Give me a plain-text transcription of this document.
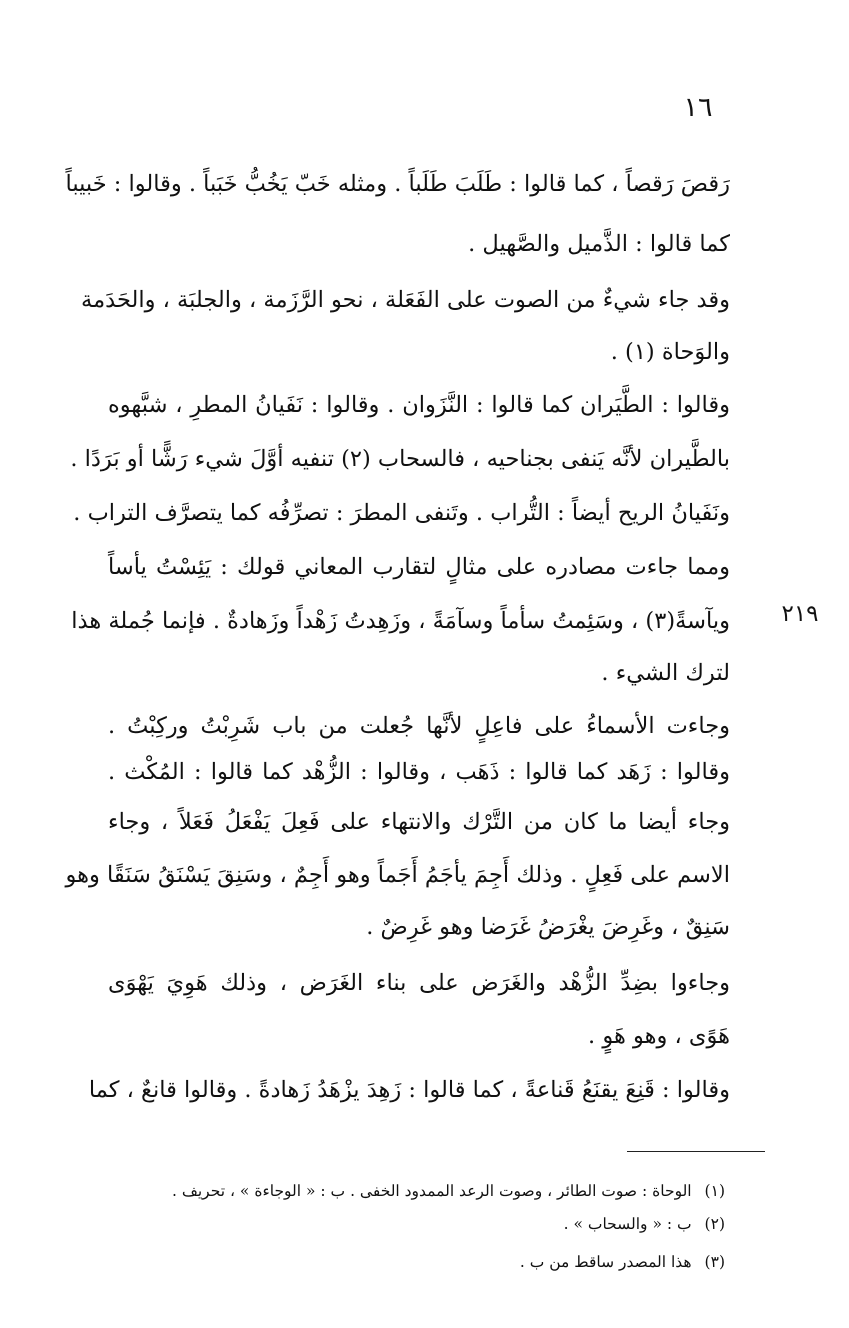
١٦
رَقصَ رَقصاً ، كما قالوا : طَلَبَ طَلَباً . ومثله خَبّ يَخُبُّ خَبَباً . وقالوا : خَبيباً
كما قالوا : الذَّميل والصَّهيل .
وقد جاء شيءٌ من الصوت على الفَعَلة ، نحو الرَّزَمة ، والجلبَة ، والحَدَمة
والوَحاة (١) .
وقالوا : الطَّيَران كما قالوا : النَّزَوان . وقالوا : نَفَيانُ المطرِ ، شبَّهوه
بالطَّيران لأنَّه يَنفى بجناحيه ، فالسحاب (٢) تنفيه أوَّلَ شيء رَشًّا أو بَرَدًا .
ونَفَيانُ الريح أيضاً : التُّراب . وتَنفى المطرَ : تصرِّفُه كما يتصرَّف التراب .
ومما جاءت مصادره على مثالٍ لتقارب المعاني قولك : يَئِسْتُ يأساً
٢١٩
ويآسةً(٣) ، وسَئِمتُ سأماً وسآمَةً ، وزَهِدتُ زَهْداً وزَهادةٌ . فإنما جُملة هذا
لترك الشيء .
وجاءت الأسماءُ على فاعِلٍ لأنَّها جُعلت من باب شَرِبْتُ وركِبْتُ .
وقالوا : زَهَد كما قالوا : ذَهَب ، وقالوا : الزُّهْد كما قالوا : المُكْث .
وجاء أيضا ما كان من التَّرْك والانتهاء على فَعِلَ يَفْعَلُ فَعَلاً ، وجاء
الاسم على فَعِلٍ . وذلك أَجِمَ يأجَمُ أَجَماً وهو أَجِمٌ ، وسَنِقَ يَسْنَقُ سَنَقًا وهو
سَنِقٌ ، وغَرِضَ يغْرَضُ غَرَضا وهو غَرِضٌ .
وجاءوا بضِدِّ الزُّهْد والغَرَض على بناء الغَرَض ، وذلك هَوِيَ يَهْوَى
هَوًى ، وهو هَوٍ .
وقالوا : قَنِعَ يقنَعُ قَناعةً ، كما قالوا : زَهِدَ يزْهَدُ زَهادةً . وقالوا قانعٌ ، كما
(١) الوحاة : صوت الطائر ، وصوت الرعد الممدود الخفى . ب : « الوجاءة » ، تحريف .
(٢) ب : « والسحاب » .
(٣) هذا المصدر ساقط من ب .
